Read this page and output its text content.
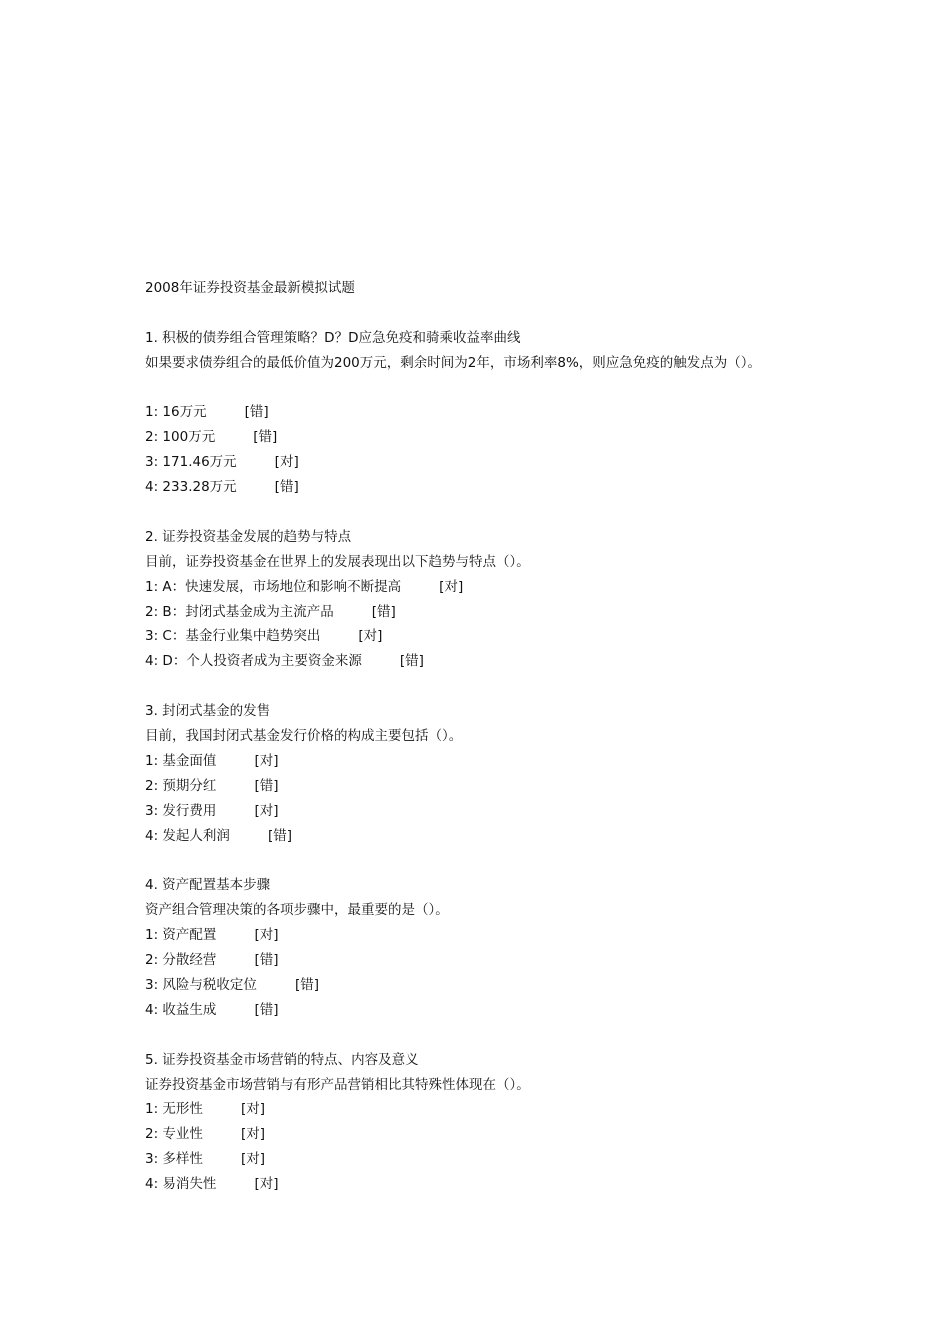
2008年证券投资基金最新模拟试题
1. 积极的债券组合管理策略？D？D应急免疫和骑乘收益率曲线
如果要求债券组合的最低价值为200万元，剩余时间为2年，市场利率8%，则应急免疫的触发点为（）。
1: 16万元	[错]
2: 100万元	[错]
3: 171.46万元	[对]
4: 233.28万元	[错]
2. 证券投资基金发展的趋势与特点
目前，证券投资基金在世界上的发展表现出以下趋势与特点（）。
1: A：快速发展，市场地位和影响不断提高	[对]
2: B：封闭式基金成为主流产品	[错]
3: C：基金行业集中趋势突出	[对]
4: D：个人投资者成为主要资金来源	[错]
3. 封闭式基金的发售
目前，我国封闭式基金发行价格的构成主要包括（）。
1: 基金面值	[对]
2: 预期分红	[错]
3: 发行费用	[对]
4: 发起人利润	[错]
4. 资产配置基本步骤
资产组合管理决策的各项步骤中，最重要的是（）。
1: 资产配置	[对]
2: 分散经营	[错]
3: 风险与税收定位	[错]
4: 收益生成	[错]
5. 证券投资基金市场营销的特点、内容及意义
证券投资基金市场营销与有形产品营销相比其特殊性体现在（）。
1: 无形性	[对]
2: 专业性	[对]
3: 多样性	[对]
4: 易消失性	[对]
